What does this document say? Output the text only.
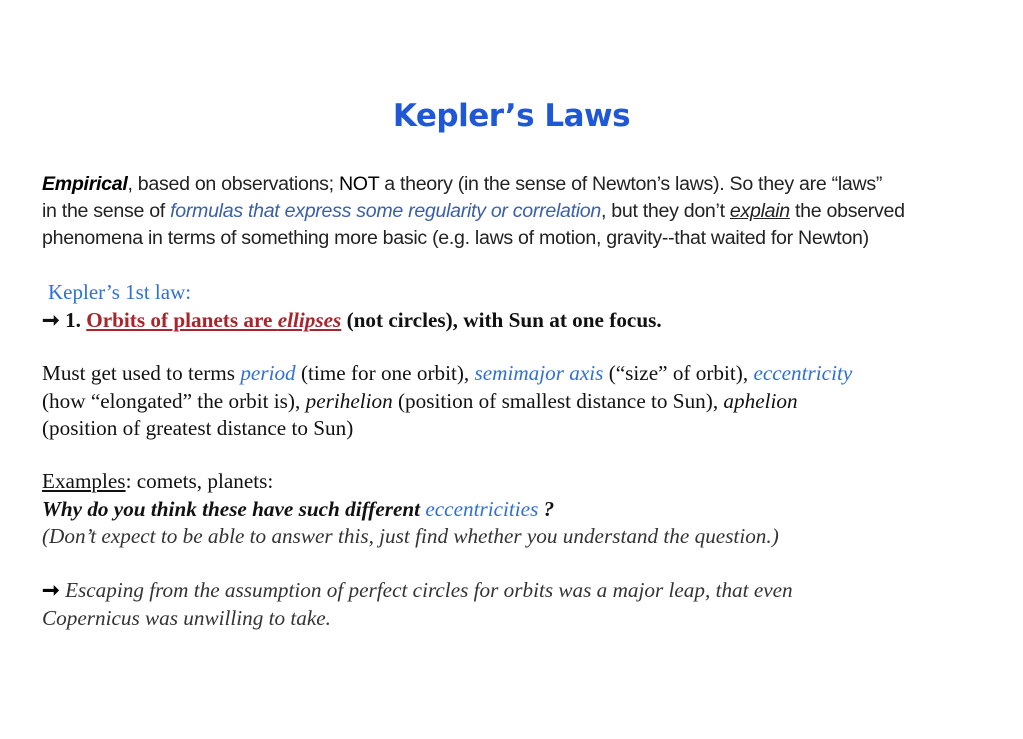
Kepler’s Laws
Empirical, based on observations; NOT a theory (in the sense of Newton’s laws). So they are “laws”
in the sense of formulas that express some regularity or correlation, but they don’t explain the observed
phenomena in terms of something more basic (e.g. laws of motion, gravity--that waited for Newton)
Kepler’s 1st law:
➞ 1. Orbits of planets are ellipses (not circles), with Sun at one focus.
Must get used to terms period (time for one orbit), semimajor axis (“size” of orbit), eccentricity
(how “elongated” the orbit is), perihelion (position of smallest distance to Sun), aphelion
(position of greatest distance to Sun)
Examples: comets, planets:
Why do you think these have such different eccentricities ?
(Don’t expect to be able to answer this, just find whether you understand the question.)
➞ Escaping from the assumption of perfect circles for orbits was a major leap, that even
Copernicus was unwilling to take.
